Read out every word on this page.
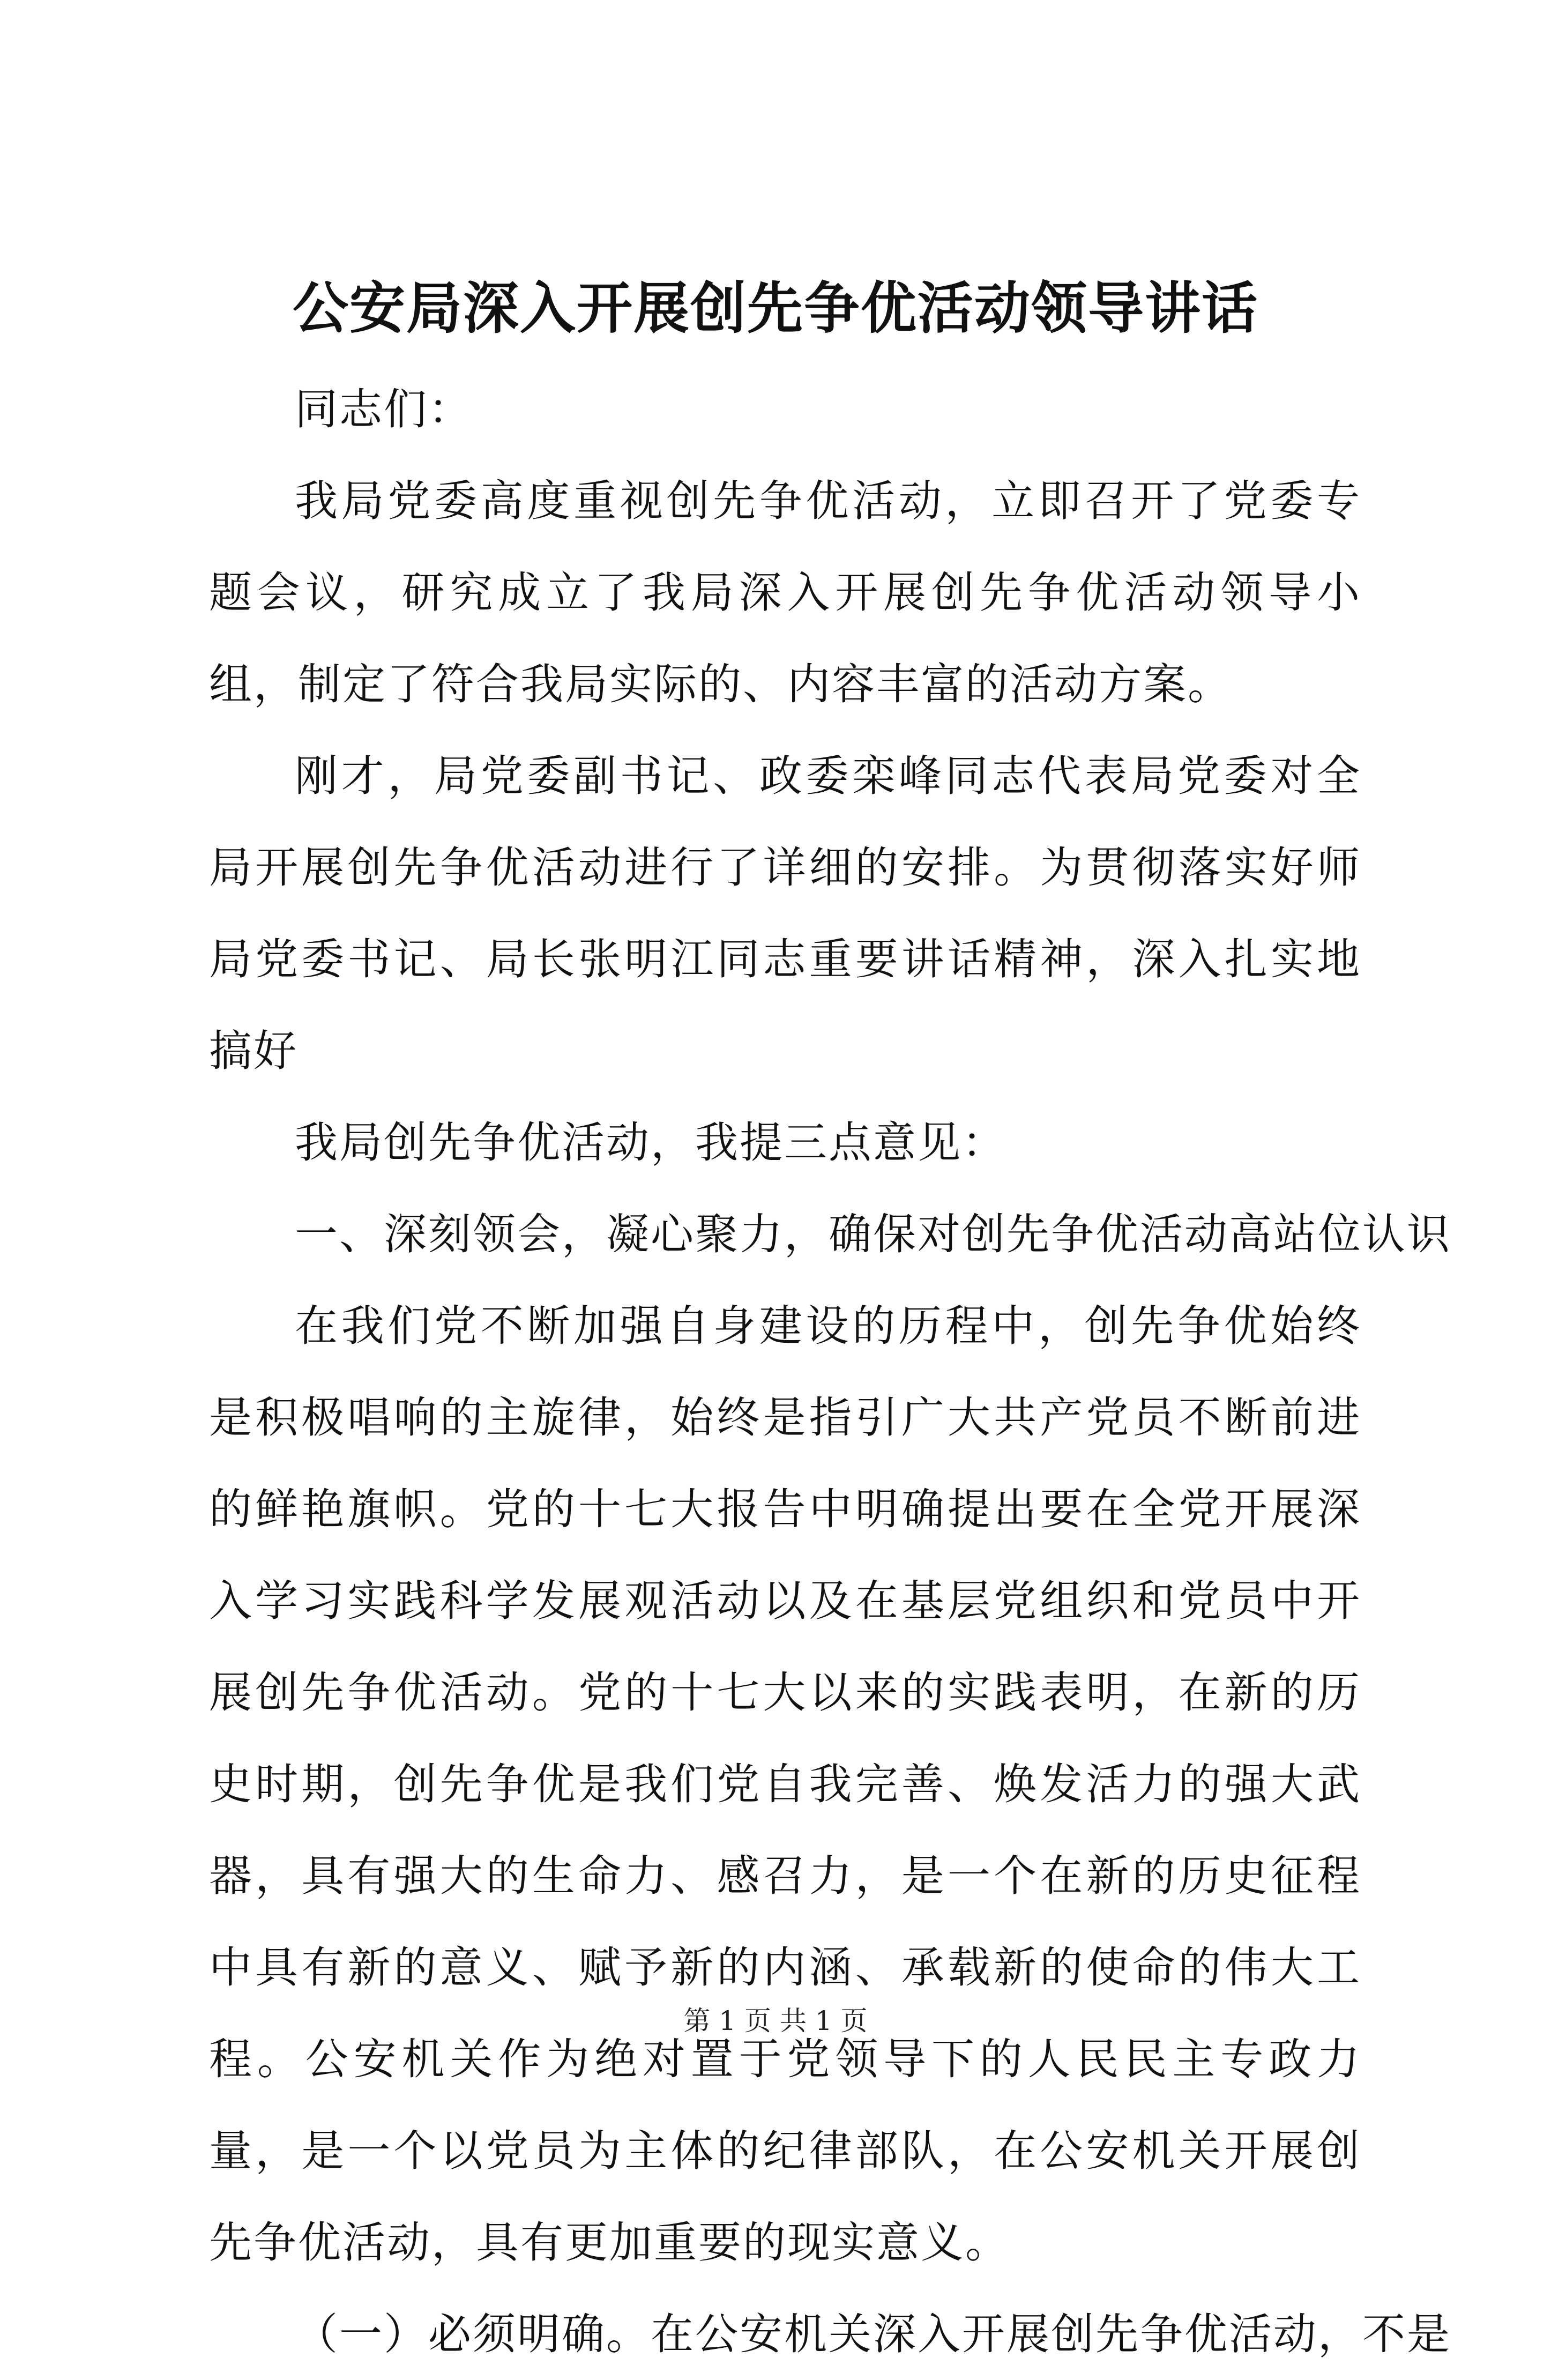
公安局深入开展创先争优活动领导讲话

同志们：

我局党委高度重视创先争优活动，立即召开了党委专题会议，研究成立了我局深入开展创先争优活动领导小组，制定了符合我局实际的、内容丰富的活动方案。

刚才，局党委副书记、政委栾峰同志代表局党委对全局开展创先争优活动进行了详细的安排。为贯彻落实好师局党委书记、局长张明江同志重要讲话精神，深入扎实地搞好

我局创先争优活动，我提三点意见：

一、深刻领会，凝心聚力，确保对创先争优活动高站位认识

在我们党不断加强自身建设的历程中，创先争优始终是积极唱响的主旋律，始终是指引广大共产党员不断前进的鲜艳旗帜。党的十七大报告中明确提出要在全党开展深入学习实践科学发展观活动以及在基层党组织和党员中开展创先争优活动。党的十七大以来的实践表明，在新的历史时期，创先争优是我们党自我完善、焕发活力的强大武器，具有强大的生命力、感召力，是一个在新的历史征程中具有新的意义、赋予新的内涵、承载新的使命的伟大工程。公安机关作为绝对置于党领导下的人民民主专政力量，是一个以党员为主体的纪律部队，在公安机关开展创先争优活动，具有更加重要的现实意义。

（一）必须明确。在公安机关深入开展创先争优活动，不是

第 1 页 共 1 页
